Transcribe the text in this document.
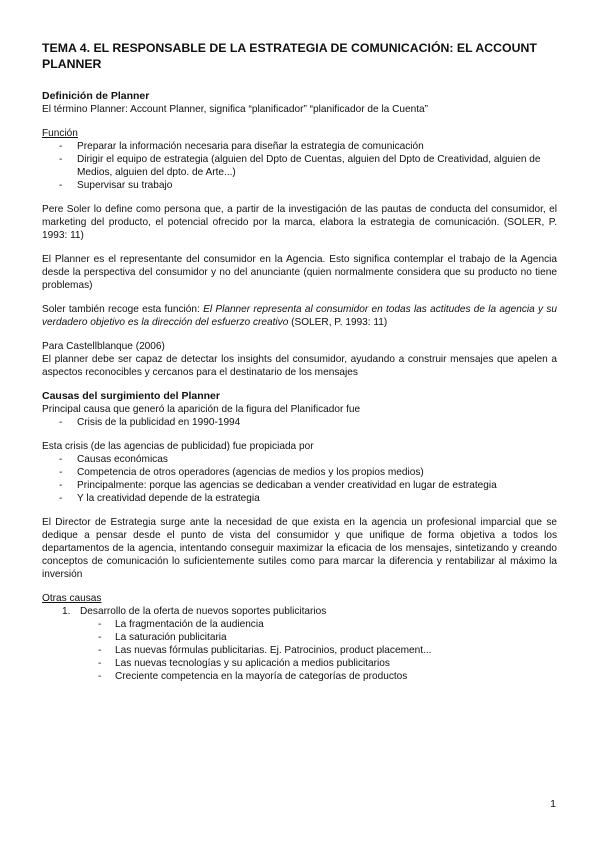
TEMA 4. EL RESPONSABLE DE LA ESTRATEGIA DE COMUNICACIÓN: EL ACCOUNT PLANNER
Definición de Planner
El término Planner: Account Planner, significa “planificador” “planificador de la Cuenta”
Función
- Preparar la información necesaria para diseñar la estrategia de comunicación
- Dirigir el equipo de estrategia (alguien del Dpto de Cuentas, alguien del Dpto de Creatividad, alguien de Medios, alguien del dpto. de Arte...)
- Supervisar su trabajo
Pere Soler lo define como persona que, a partir de la investigación de las pautas de conducta del consumidor, el marketing del producto, el potencial ofrecido por la marca, elabora la estrategia de comunicación. (SOLER, P. 1993: 11)
El Planner es el representante del consumidor en la Agencia. Esto significa contemplar el trabajo de la Agencia desde la perspectiva del consumidor y no del anunciante (quien normalmente considera que su producto no tiene problemas)
Soler también recoge esta función: El Planner representa al consumidor en todas las actitudes de la agencia y su verdadero objetivo es la dirección del esfuerzo creativo (SOLER, P. 1993: 11)
Para Castellblanque (2006)
El planner debe ser capaz de detectar los insights del consumidor, ayudando a construir mensajes que apelen a aspectos reconocibles y cercanos para el destinatario de los mensajes
Causas del surgimiento del Planner
Principal causa que generó la aparición de la figura del Planificador fue
- Crisis de la publicidad en 1990-1994
Esta crisis (de las agencias de publicidad) fue propiciada por
- Causas económicas
- Competencia de otros operadores (agencias de medios y los propios medios)
- Principalmente: porque las agencias se dedicaban a vender creatividad en lugar de estrategia
- Y la creatividad depende de la estrategia
El Director de Estrategia surge ante la necesidad de que exista en la agencia un profesional imparcial que se dedique a pensar desde el punto de vista del consumidor y que unifique de forma objetiva a todos los departamentos de la agencia, intentando conseguir maximizar la eficacia de los mensajes, sintetizando y creando conceptos de comunicación lo suficientemente sutiles como para marcar la diferencia y rentabilizar al máximo la inversión
Otras causas
1. Desarrollo de la oferta de nuevos soportes publicitarios
- La fragmentación de la audiencia
- La saturación publicitaria
- Las nuevas fórmulas publicitarias. Ej. Patrocinios, product placement...
- Las nuevas tecnologías y su aplicación a medios publicitarios
- Creciente competencia en la mayoría de categorías de productos
1
